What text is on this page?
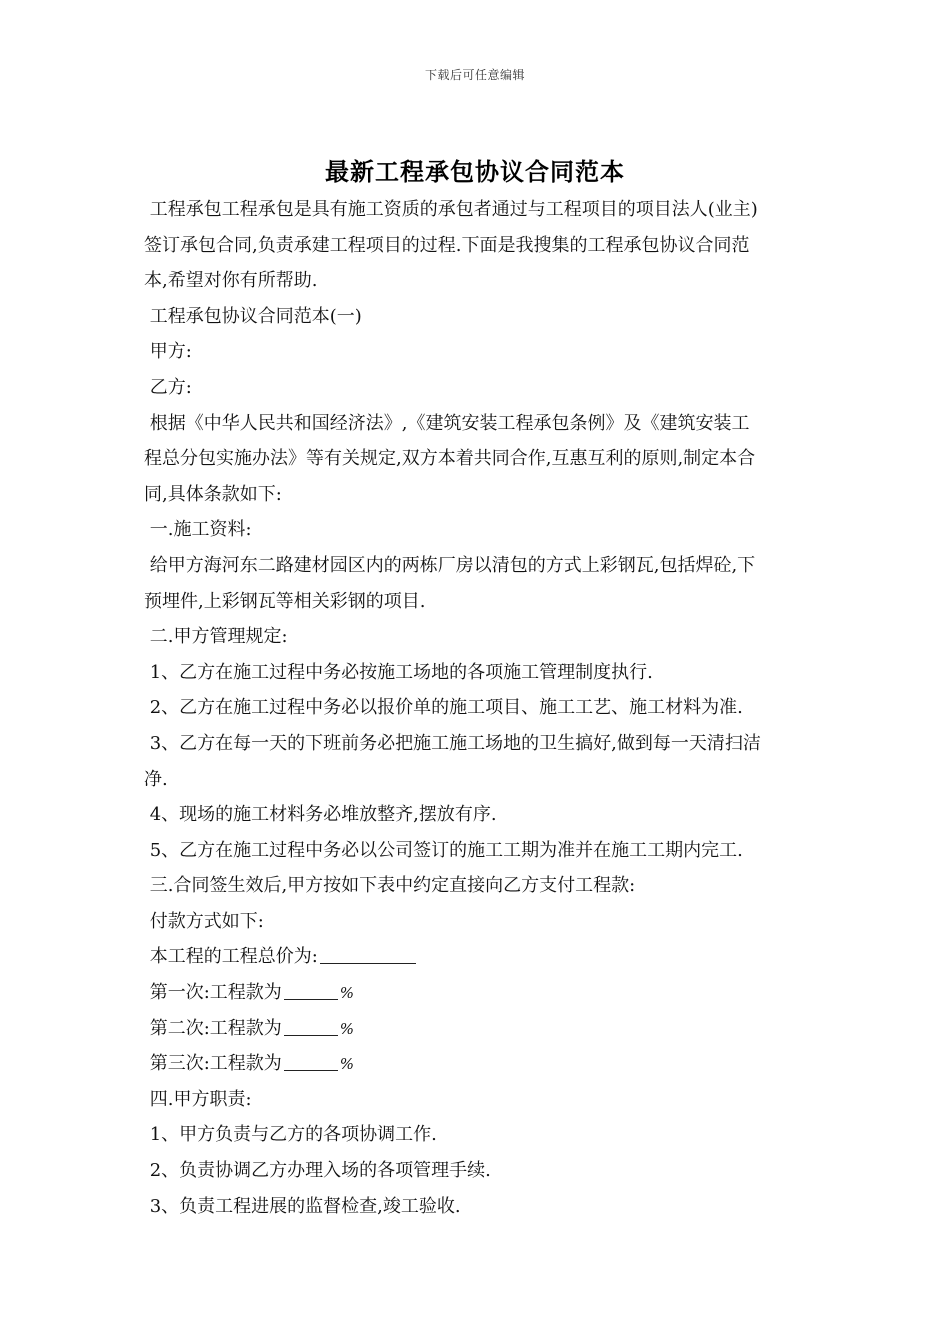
下载后可任意编辑
最新工程承包协议合同范本
工程承包工程承包是具有施工资质的承包者通过与工程项目的项目法人(业主)
签订承包合同,负责承建工程项目的过程.下面是我搜集的工程承包协议合同范
本,希望对你有所帮助.
工程承包协议合同范本(一)
甲方:
乙方:
根据《中华人民共和国经济法》,《建筑安装工程承包条例》及《建筑安装工
程总分包实施办法》等有关规定,双方本着共同合作,互惠互利的原则,制定本合
同,具体条款如下:
一.施工资料:
给甲方海河东二路建材园区内的两栋厂房以清包的方式上彩钢瓦,包括焊砼,下
预埋件,上彩钢瓦等相关彩钢的项目.
二.甲方管理规定:
1、乙方在施工过程中务必按施工场地的各项施工管理制度执行.
2、乙方在施工过程中务必以报价单的施工项目、施工工艺、施工材料为准.
3、乙方在每一天的下班前务必把施工施工场地的卫生搞好,做到每一天清扫洁
净.
4、现场的施工材料务必堆放整齐,摆放有序.
5、乙方在施工过程中务必以公司签订的施工工期为准并在施工工期内完工.
三.合同签生效后,甲方按如下表中约定直接向乙方支付工程款:
付款方式如下:
本工程的工程总价为:
第一次:工程款为	%
第二次:工程款为	%
第三次:工程款为	%
四.甲方职责:
1、甲方负责与乙方的各项协调工作.
2、负责协调乙方办理入场的各项管理手续.
3、负责工程进展的监督检查,竣工验收.
